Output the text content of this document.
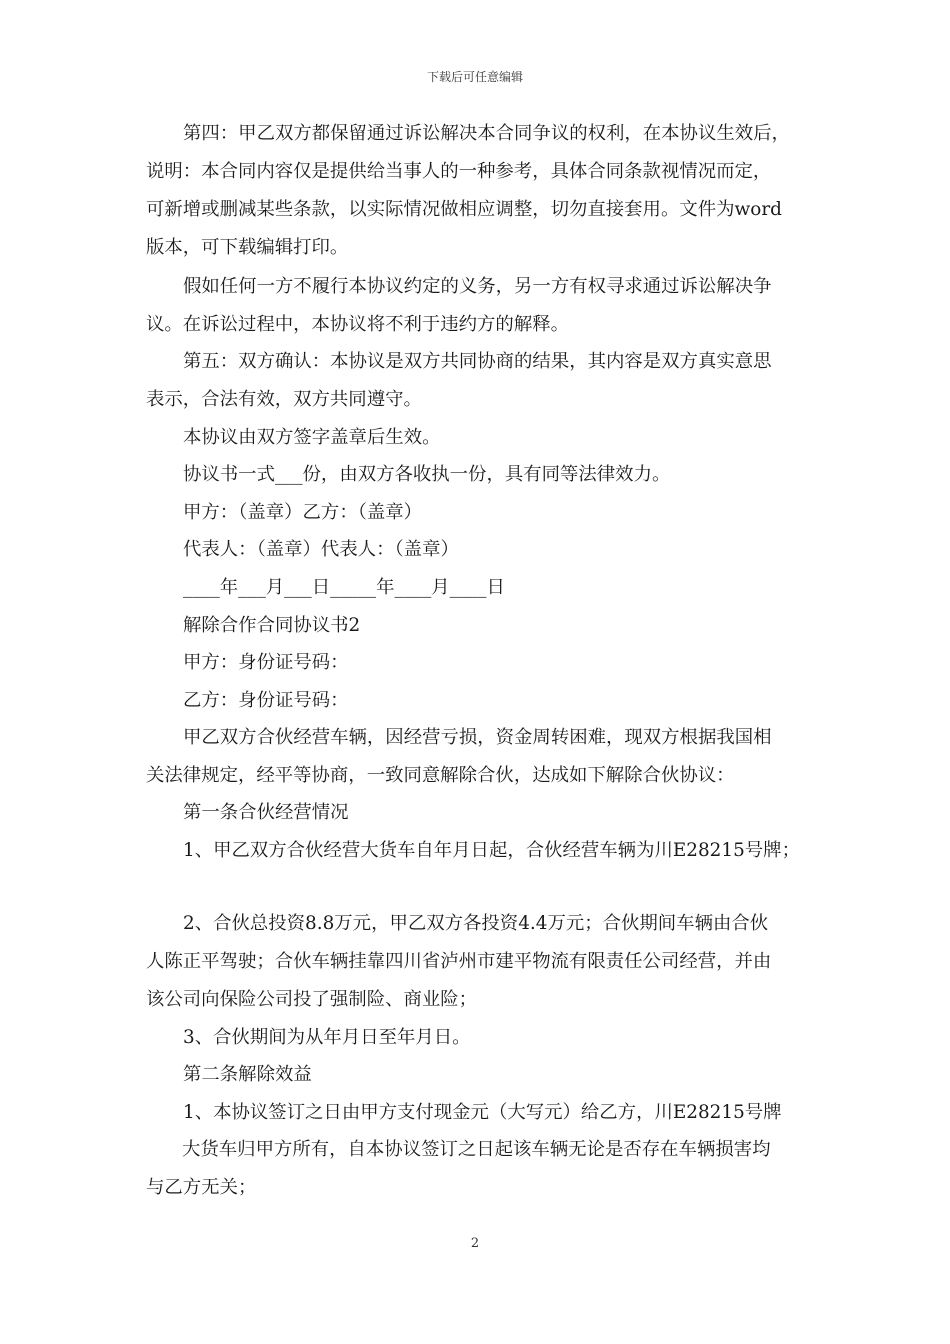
下载后可任意编辑

第四：甲乙双方都保留通过诉讼解决本合同争议的权利，在本协议生效后，

说明：本合同内容仅是提供给当事人的一种参考，具体合同条款视情况而定，

可新增或删减某些条款，以实际情况做相应调整，切勿直接套用。文件为word

版本，可下载编辑打印。

假如任何一方不履行本协议约定的义务，另一方有权寻求通过诉讼解决争

议。在诉讼过程中，本协议将不利于违约方的解释。

第五：双方确认：本协议是双方共同协商的结果，其内容是双方真实意思

表示，合法有效，双方共同遵守。

本协议由双方签字盖章后生效。

协议书一式___份，由双方各收执一份，具有同等法律效力。

甲方：（盖章）乙方：（盖章）

代表人：（盖章）代表人：（盖章）

____年___月___日_____年____月____日

解除合作合同协议书2

甲方：身份证号码：

乙方：身份证号码：

甲乙双方合伙经营车辆，因经营亏损，资金周转困难，现双方根据我国相

关法律规定，经平等协商，一致同意解除合伙，达成如下解除合伙协议：

第一条合伙经营情况

1、甲乙双方合伙经营大货车自年月日起，合伙经营车辆为川E28215号牌；

2、合伙总投资8.8万元，甲乙双方各投资4.4万元；合伙期间车辆由合伙

人陈正平驾驶；合伙车辆挂靠四川省泸州市建平物流有限责任公司经营，并由

该公司向保险公司投了强制险、商业险；

3、合伙期间为从年月日至年月日。

第二条解除效益

1、本协议签订之日由甲方支付现金元（大写元）给乙方，川E28215号牌

大货车归甲方所有，自本协议签订之日起该车辆无论是否存在车辆损害均

与乙方无关；

2
